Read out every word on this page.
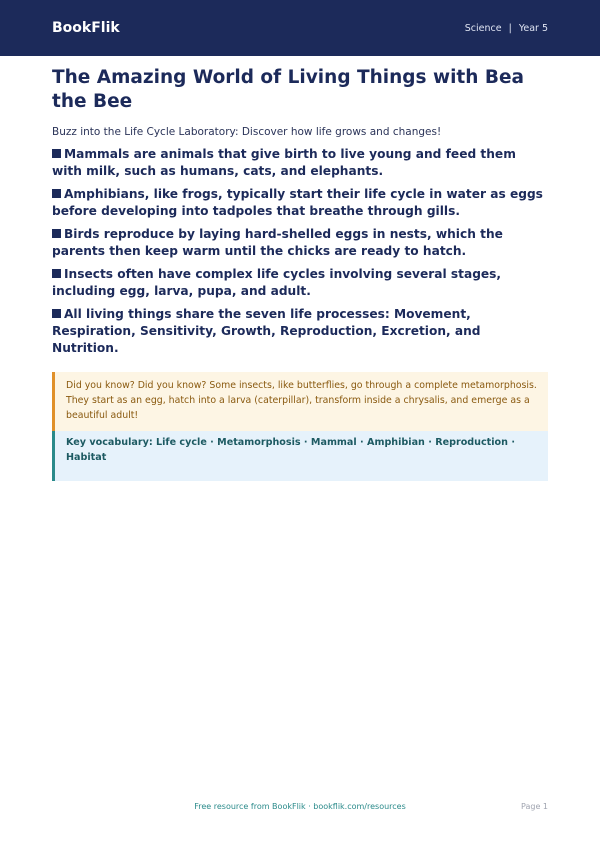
BookFlik	Science | Year 5
The Amazing World of Living Things with Bea the Bee

Buzz into the Life Cycle Laboratory: Discover how life grows and changes!

Mammals are animals that give birth to live young and feed them with milk, such as humans, cats, and elephants.
Amphibians, like frogs, typically start their life cycle in water as eggs before developing into tadpoles that breathe through gills.
Birds reproduce by laying hard-shelled eggs in nests, which the parents then keep warm until the chicks are ready to hatch.
Insects often have complex life cycles involving several stages, including egg, larva, pupa, and adult.
All living things share the seven life processes: Movement, Respiration, Sensitivity, Growth, Reproduction, Excretion, and Nutrition.
Did you know? Did you know? Some insects, like butterflies, go through a complete metamorphosis. They start as an egg, hatch into a larva (caterpillar), transform inside a chrysalis, and emerge as a beautiful adult!
Key vocabulary: Life cycle · Metamorphosis · Mammal · Amphibian · Reproduction · Habitat
Free resource from BookFlik · bookflik.com/resources	Page 1
